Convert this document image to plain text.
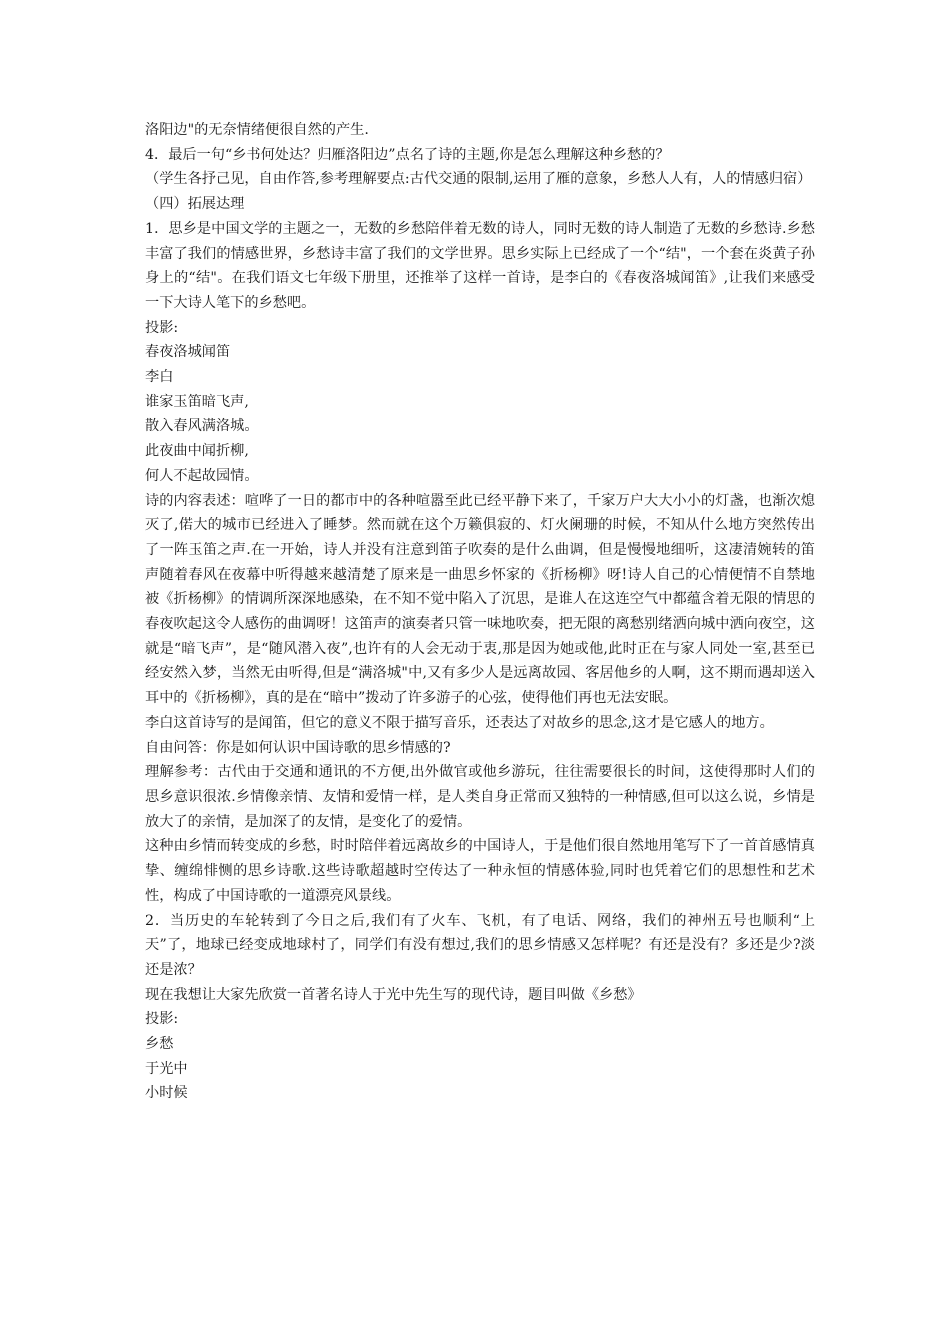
洛阳边"的无奈情绪便很自然的产生.

4．最后一句“乡书何处达？归雁洛阳边”点名了诗的主题,你是怎么理解这种乡愁的？

（学生各抒己见，自由作答,参考理解要点:古代交通的限制,运用了雁的意象，乡愁人人有，人的情感归宿）

（四）拓展达理

1．思乡是中国文学的主题之一，无数的乡愁陪伴着无数的诗人，同时无数的诗人制造了无数的乡愁诗.乡愁丰富了我们的情感世界，乡愁诗丰富了我们的文学世界。思乡实际上已经成了一个“结"，一个套在炎黄子孙身上的“结"。在我们语文七年级下册里，还推举了这样一首诗，是李白的《春夜洛城闻笛》,让我们来感受一下大诗人笔下的乡愁吧。

投影:

春夜洛城闻笛

李白

谁家玉笛暗飞声,

散入春风满洛城。

此夜曲中闻折柳,

何人不起故园情。

诗的内容表述：喧哗了一日的都市中的各种喧嚣至此已经平静下来了，千家万户大大小小的灯盏，也渐次熄灭了,偌大的城市已经进入了睡梦。然而就在这个万籁俱寂的、灯火阑珊的时候，不知从什么地方突然传出了一阵玉笛之声.在一开始，诗人并没有注意到笛子吹奏的是什么曲调，但是慢慢地细听，这凄清婉转的笛声随着春风在夜幕中听得越来越清楚了原来是一曲思乡怀家的《折杨柳》呀!诗人自己的心情便情不自禁地被《折杨柳》的情调所深深地感染，在不知不觉中陷入了沉思，是谁人在这连空气中都蕴含着无限的情思的春夜吹起这令人感伤的曲调呀！这笛声的演奏者只管一味地吹奏，把无限的离愁别绪洒向城中洒向夜空，这就是“暗飞声”，是“随风潜入夜”,也许有的人会无动于衷,那是因为她或他,此时正在与家人同处一室,甚至已经安然入梦，当然无由听得,但是“满洛城"中,又有多少人是远离故园、客居他乡的人啊，这不期而遇却送入耳中的《折杨柳》，真的是在“暗中”拨动了许多游子的心弦，使得他们再也无法安眠。

李白这首诗写的是闻笛，但它的意义不限于描写音乐，还表达了对故乡的思念,这才是它感人的地方。

自由问答：你是如何认识中国诗歌的思乡情感的?

理解参考：古代由于交通和通讯的不方便,出外做官或他乡游玩，往往需要很长的时间，这使得那时人们的思乡意识很浓.乡情像亲情、友情和爱情一样，是人类自身正常而又独特的一种情感,但可以这么说，乡情是放大了的亲情，是加深了的友情，是变化了的爱情。

这种由乡情而转变成的乡愁，时时陪伴着远离故乡的中国诗人，于是他们很自然地用笔写下了一首首感情真挚、缠绵悱恻的思乡诗歌.这些诗歌超越时空传达了一种永恒的情感体验,同时也凭着它们的思想性和艺术性，构成了中国诗歌的一道漂亮风景线。

2．当历史的车轮转到了今日之后,我们有了火车、飞机，有了电话、网络，我们的神州五号也顺利“上天”了，地球已经变成地球村了，同学们有没有想过,我们的思乡情感又怎样呢？有还是没有？多还是少?淡还是浓？

现在我想让大家先欣赏一首著名诗人于光中先生写的现代诗，题目叫做《乡愁》

投影:

乡愁

于光中

小时候
